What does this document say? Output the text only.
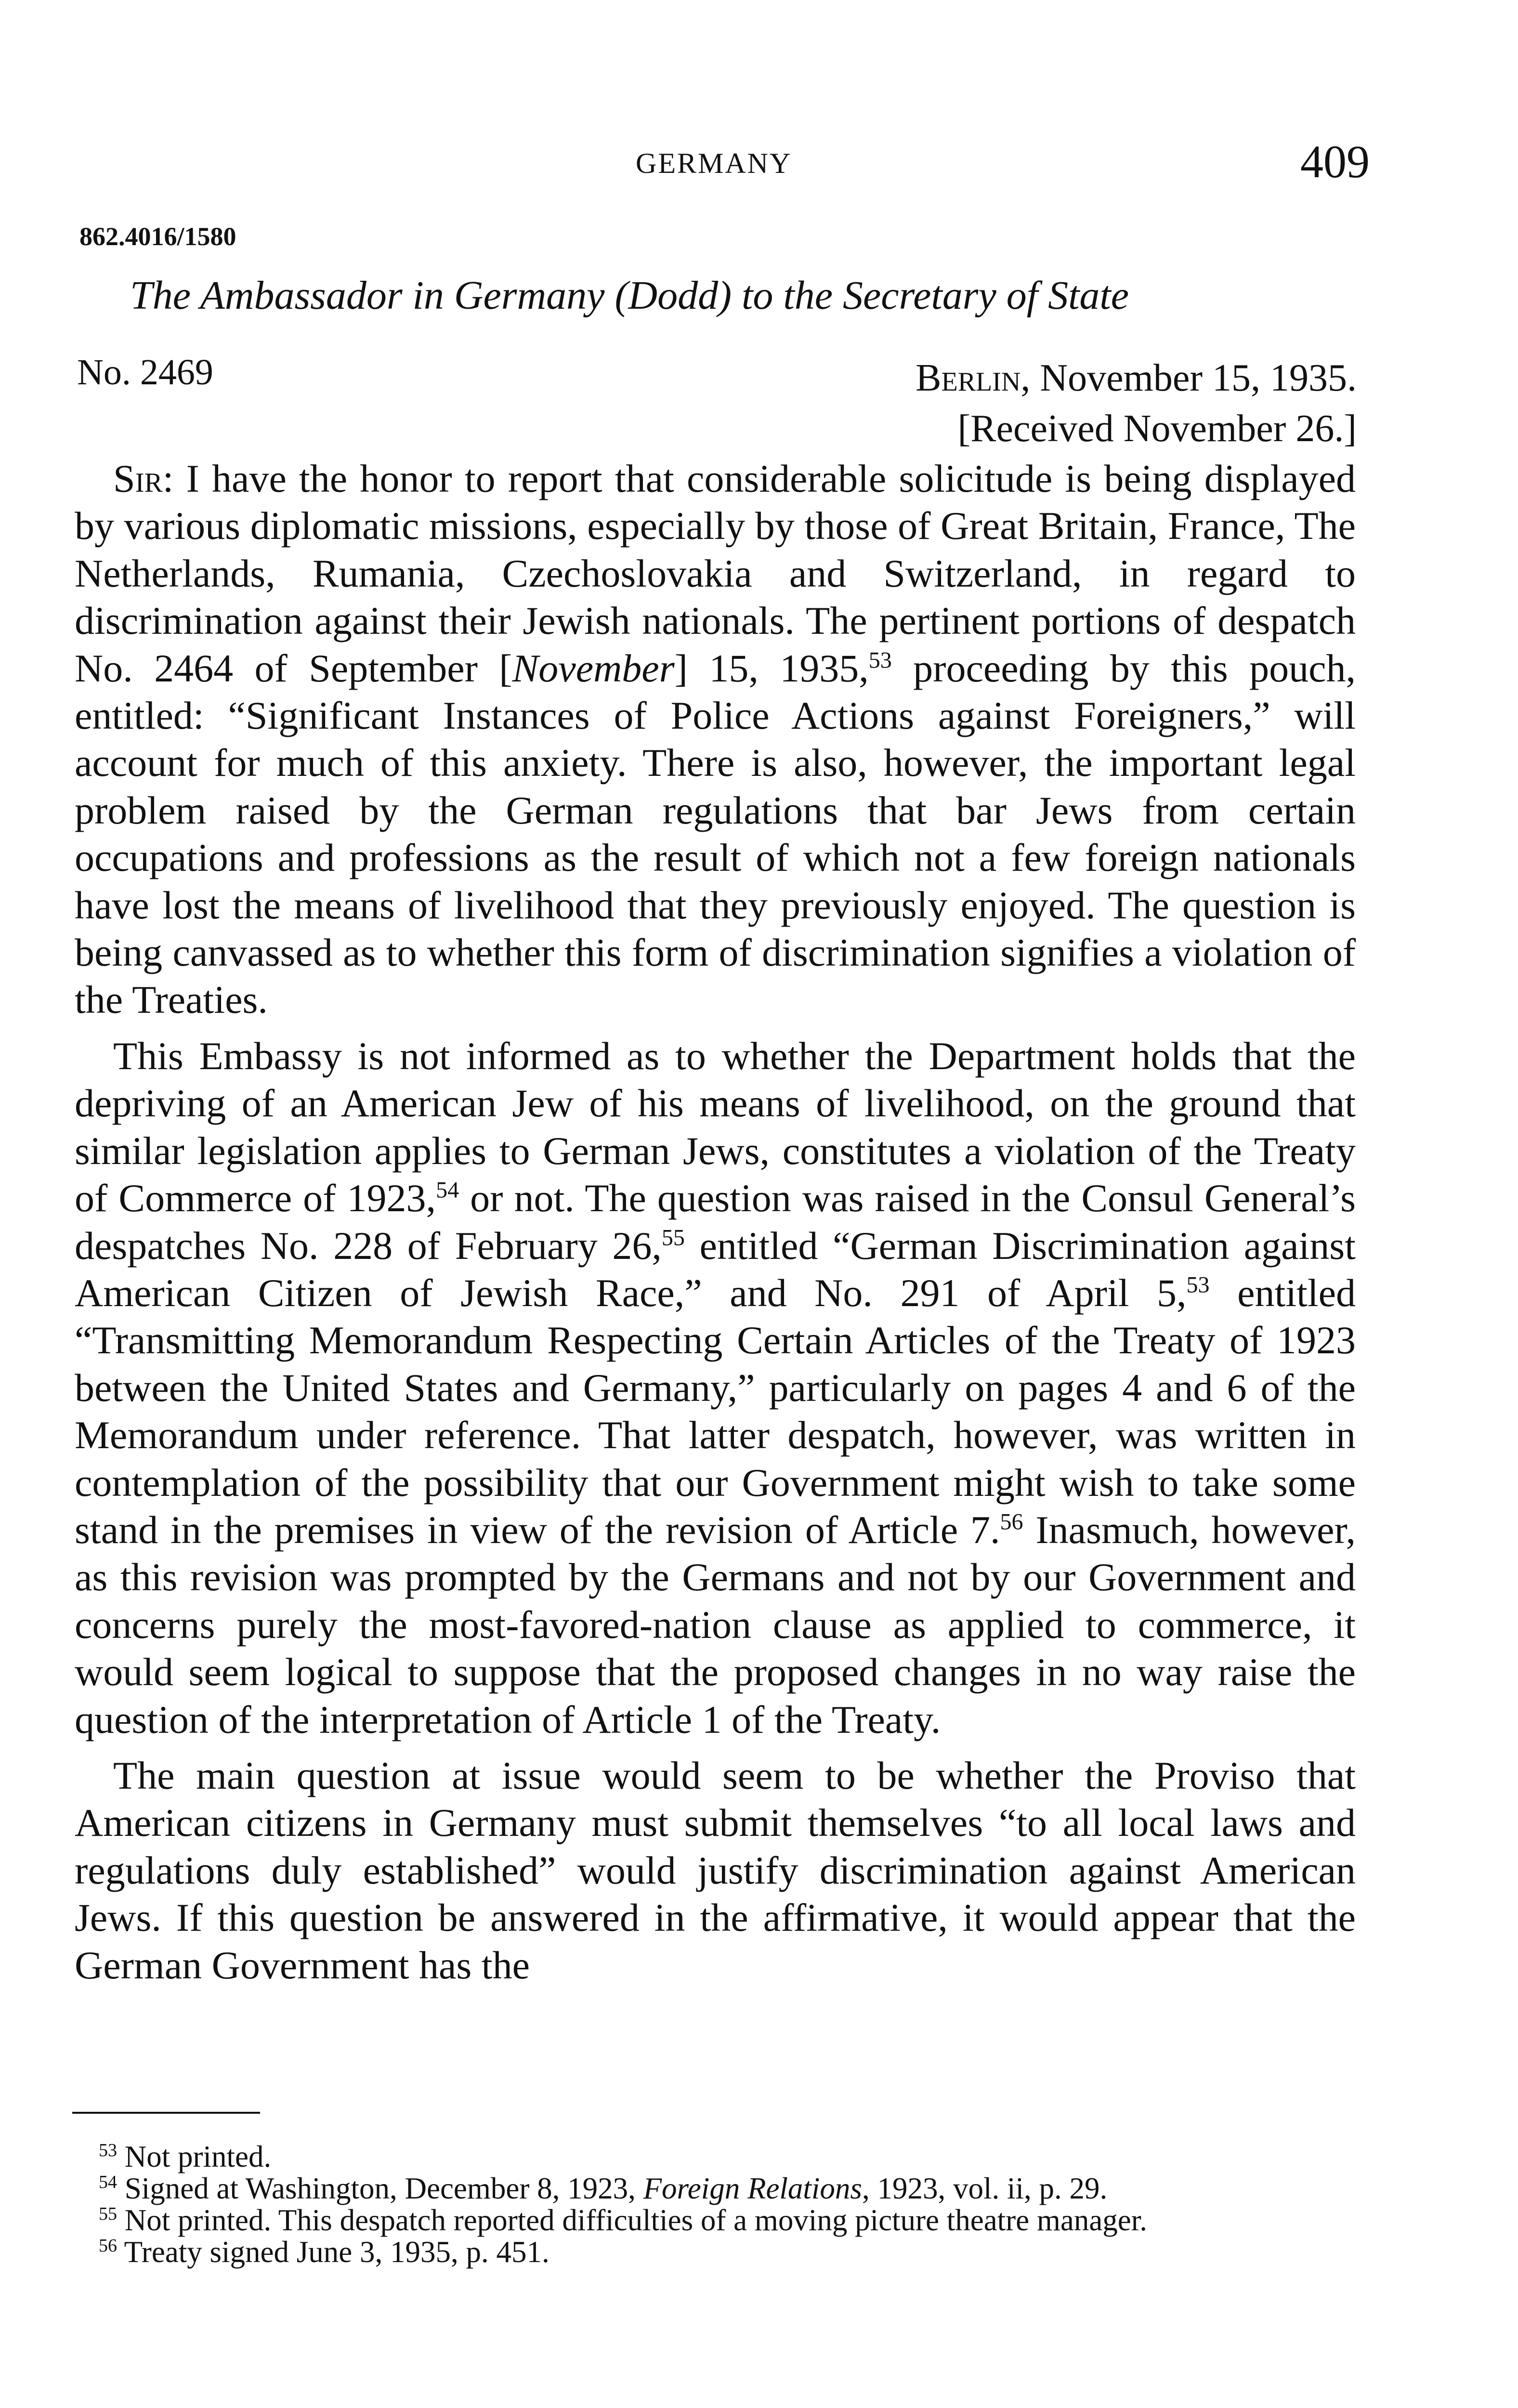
GERMANY	409
862.4016/1580
The Ambassador in Germany (Dodd) to the Secretary of State
No. 2469	Berlin, November 15, 1935.
[Received November 26.]

Sir: I have the honor to report that considerable solicitude is being displayed by various diplomatic missions, especially by those of Great Britain, France, The Netherlands, Rumania, Czechoslovakia and Switzerland, in regard to discrimination against their Jewish nationals. The pertinent portions of despatch No. 2464 of September [November] 15, 1935,53 proceeding by this pouch, entitled: “Significant Instances of Police Actions against Foreigners,” will account for much of this anxiety. There is also, however, the important legal problem raised by the German regulations that bar Jews from certain occupations and professions as the result of which not a few foreign nationals have lost the means of livelihood that they previously enjoyed. The question is being canvassed as to whether this form of discrimination signifies a violation of the Treaties.

This Embassy is not informed as to whether the Department holds that the depriving of an American Jew of his means of livelihood, on the ground that similar legislation applies to German Jews, constitutes a violation of the Treaty of Commerce of 1923,54 or not. The question was raised in the Consul General’s despatches No. 228 of February 26,55 entitled “German Discrimination against American Citizen of Jewish Race,” and No. 291 of April 5,53 entitled “Transmitting Memorandum Respecting Certain Articles of the Treaty of 1923 between the United States and Germany,” particularly on pages 4 and 6 of the Memorandum under reference. That latter despatch, however, was written in contemplation of the possibility that our Government might wish to take some stand in the premises in view of the revision of Article 7.56 Inasmuch, however, as this revision was prompted by the Germans and not by our Government and concerns purely the most-favored-nation clause as applied to commerce, it would seem logical to suppose that the proposed changes in no way raise the question of the interpretation of Article 1 of the Treaty.

The main question at issue would seem to be whether the Proviso that American citizens in Germany must submit themselves “to all local laws and regulations duly established” would justify discrimination against American Jews. If this question be answered in the affirmative, it would appear that the German Government has the

$^{53}$ Not printed.

$^{54}$ Signed at Washington, December 8, 1923, Foreign Relations, 1923, vol. ii, p. 29.

$^{55}$ Not printed. This despatch reported difficulties of a moving picture theatre manager.

$^{56}$ Treaty signed June 3, 1935, p. 451.
